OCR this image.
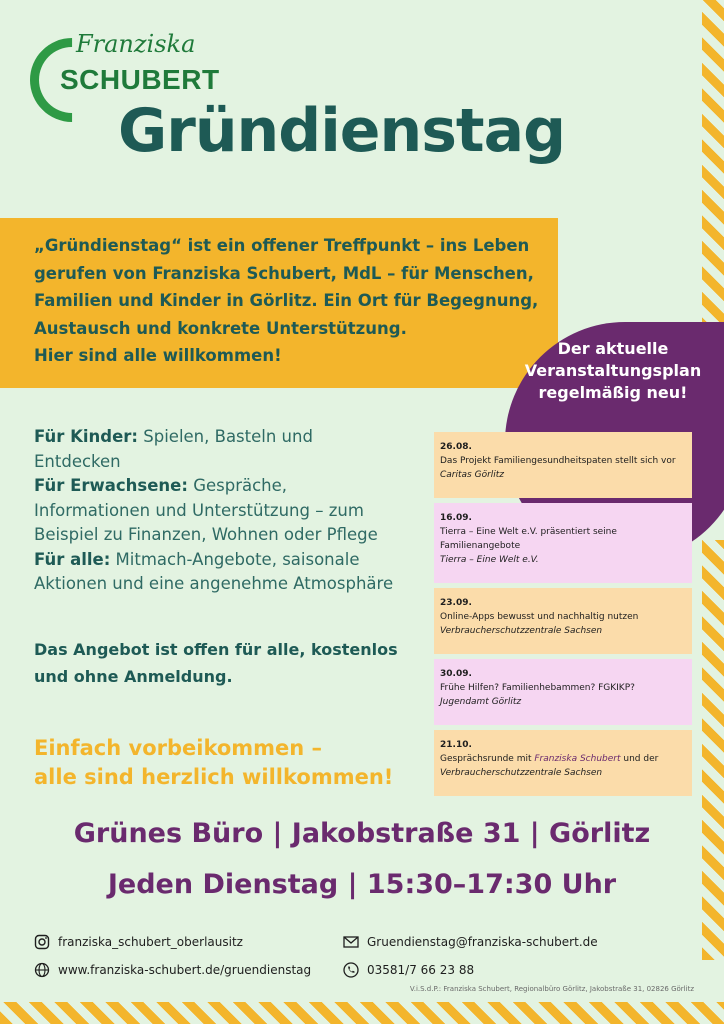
Franziska
SCHUBERT
Gründienstag

„Gründienstag“ ist ein offener Treffpunkt – ins Leben

gerufen von Franziska Schubert, MdL – für Menschen,

Familien und Kinder in Görlitz. Ein Ort für Begegnung,

Austausch und konkrete Unterstützung.

Hier sind alle willkommen!	Der aktuelle
Veranstaltungsplan
regelmäßig neu!
Für Kinder: Spielen, Basteln und
Entdecken
Für Erwachsene: Gespräche,
Informationen und Unterstützung – zum
Beispiel zu Finanzen, Wohnen oder Pflege
Für alle: Mitmach-Angebote, saisonale
Aktionen und eine angenehme Atmosphäre
Das Angebot ist offen für alle, kostenlos
und ohne Anmeldung.
Einfach vorbeikommen –
alle sind herzlich willkommen!
26.08.
Das Projekt Familiengesundheitspaten stellt sich vor
Caritas Görlitz
16.09.
Tierra – Eine Welt e.V. präsentiert seine Familienangebote
Tierra – Eine Welt e.V.
23.09.
Online-Apps bewusst und nachhaltig nutzen
Verbraucherschutzzentrale Sachsen
30.09.
Frühe Hilfen? Familienhebammen? FGKIKP?
Jugendamt Görlitz
21.10.
Gesprächsrunde mit Franziska Schubert und der
Verbraucherschutzzentrale Sachsen
Grünes Büro | Jakobstraße 31 | Görlitz
Jeden Dienstag | 15:30–17:30 Uhr
franziska_schubert_oberlausitz
www.franziska-schubert.de/gruendienstag
Gruendienstag@franziska-schubert.de
03581/7 66 23 88
V.i.S.d.P.: Franziska Schubert, Regionalbüro Görlitz, Jakobstraße 31, 02826 Görlitz
